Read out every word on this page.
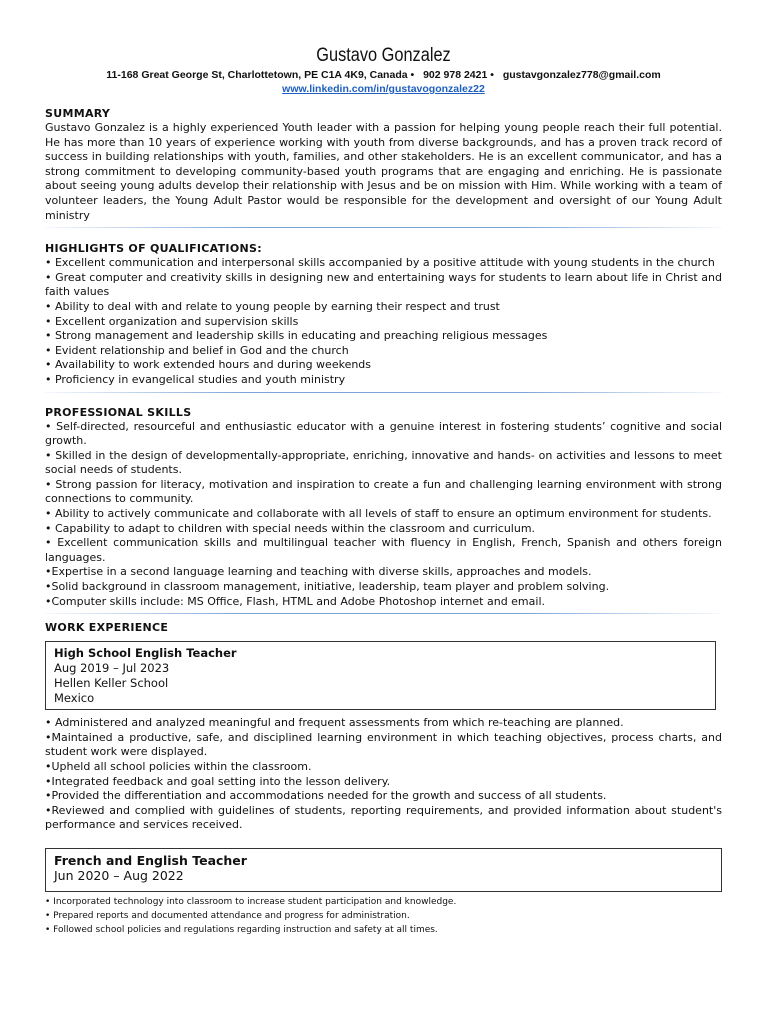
Gustavo Gonzalez
11-168 Great George St, Charlottetown, PE C1A 4K9, Canada • 902 978 2421 • gustavgonzalez778@gmail.com
www.linkedin.com/in/gustavogonzalez22
SUMMARY

Gustavo Gonzalez is a highly experienced Youth leader with a passion for helping young people reach their full potential. He has more than 10 years of experience working with youth from diverse backgrounds, and has a proven track record of success in building relationships with youth, families, and other stakeholders. He is an excellent communicator, and has a strong commitment to developing community-based youth programs that are engaging and enriching. He is passionate about seeing young adults develop their relationship with Jesus and be on mission with Him. While working with a team of volunteer leaders, the Young Adult Pastor would be responsible for the development and oversight of our Young Adult ministry

HIGHLIGHTS OF QUALIFICATIONS:
• Excellent communication and interpersonal skills accompanied by a positive attitude with young students in the church
• Great computer and creativity skills in designing new and entertaining ways for students to learn about life in Christ and faith values
• Ability to deal with and relate to young people by earning their respect and trust
• Excellent organization and supervision skills
• Strong management and leadership skills in educating and preaching religious messages
• Evident relationship and belief in God and the church
• Availability to work extended hours and during weekends
• Proficiency in evangelical studies and youth ministry
PROFESSIONAL SKILLS
• Self-directed, resourceful and enthusiastic educator with a genuine interest in fostering students’ cognitive and social growth.
• Skilled in the design of developmentally-appropriate, enriching, innovative and hands- on activities and lessons to meet social needs of students.
• Strong passion for literacy, motivation and inspiration to create a fun and challenging learning environment with strong connections to community.
• Ability to actively communicate and collaborate with all levels of staff to ensure an optimum environment for students.
• Capability to adapt to children with special needs within the classroom and curriculum.
• Excellent communication skills and multilingual teacher with fluency in English, French, Spanish and others foreign languages.
•Expertise in a second language learning and teaching with diverse skills, approaches and models.
•Solid background in classroom management, initiative, leadership, team player and problem solving.
•Computer skills include: MS Office, Flash, HTML and Adobe Photoshop internet and email.
WORK EXPERIENCE
High School English Teacher
Aug 2019 – Jul 2023
Hellen Keller School
Mexico
• Administered and analyzed meaningful and frequent assessments from which re-teaching are planned.
•Maintained a productive, safe, and disciplined learning environment in which teaching objectives, process charts, and student work were displayed.
•Upheld all school policies within the classroom.
•Integrated feedback and goal setting into the lesson delivery.
•Provided the differentiation and accommodations needed for the growth and success of all students.
•Reviewed and complied with guidelines of students, reporting requirements, and provided information about student's performance and services received.
French and English Teacher
Jun 2020 – Aug 2022
• Incorporated technology into classroom to increase student participation and knowledge.
• Prepared reports and documented attendance and progress for administration.
• Followed school policies and regulations regarding instruction and safety at all times.
